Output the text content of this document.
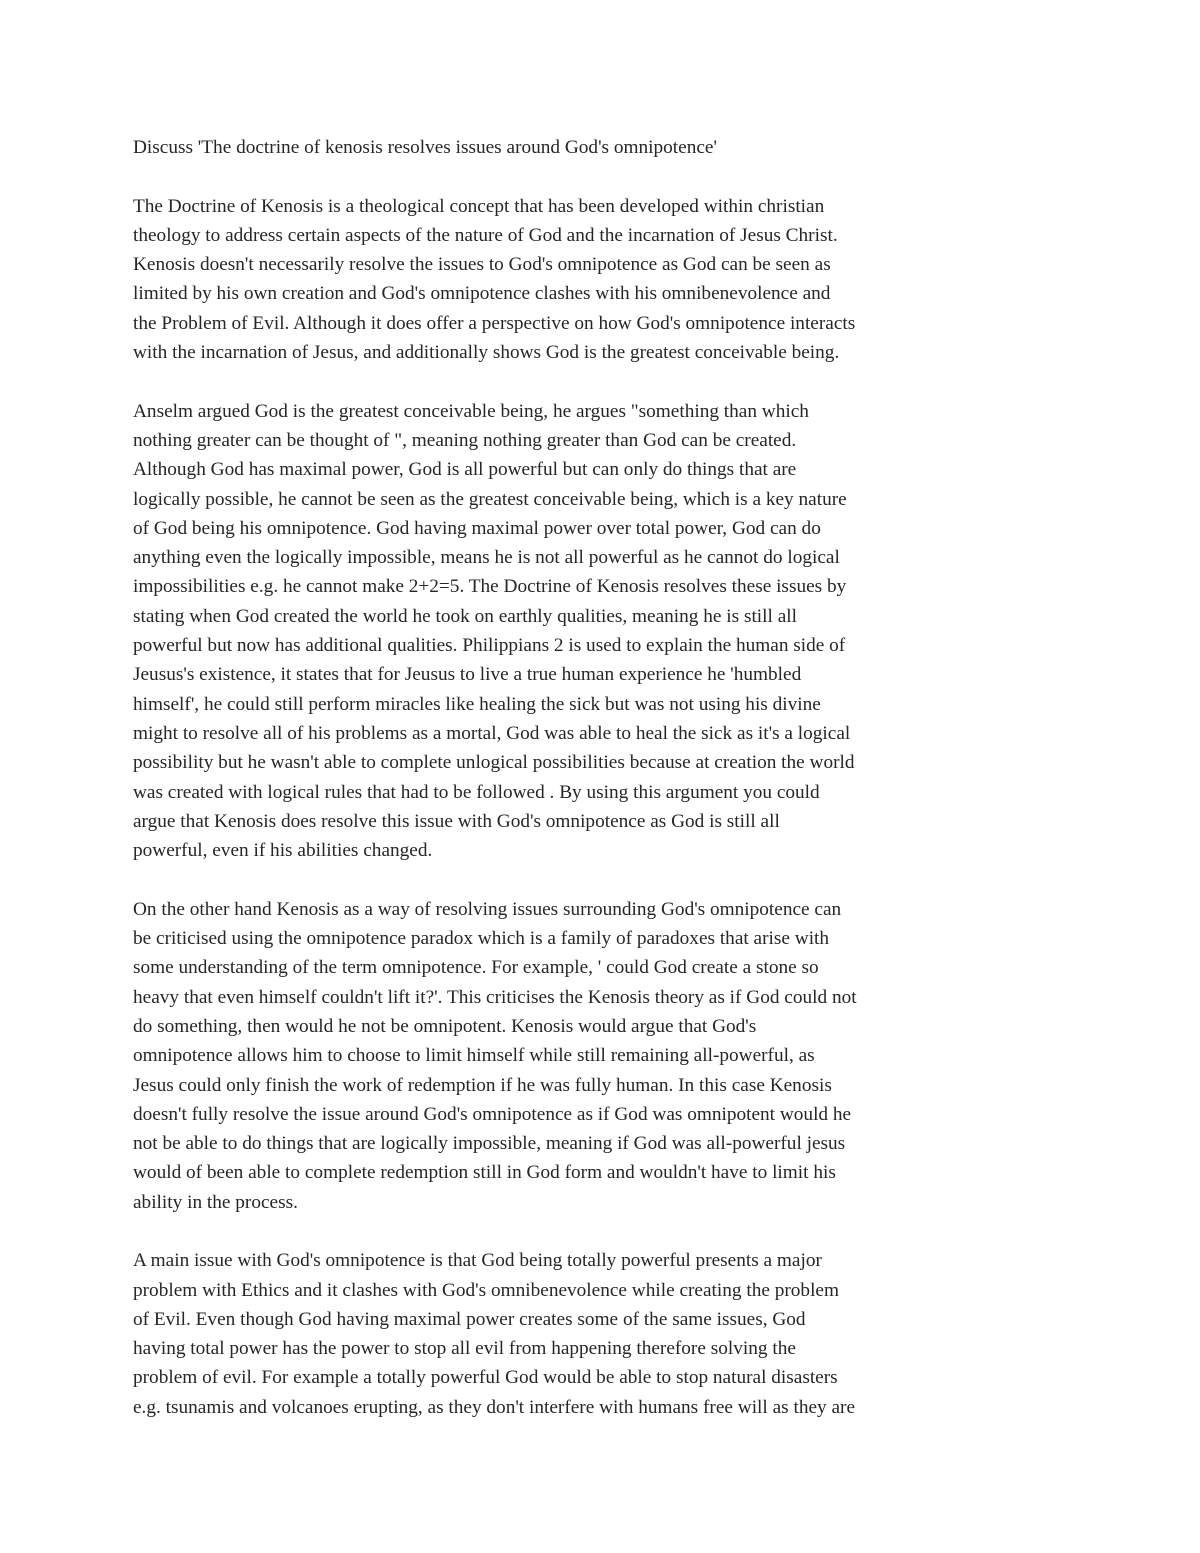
Discuss 'The doctrine of kenosis resolves issues around God's omnipotence'
The Doctrine of Kenosis is a theological concept that has been developed within christian
theology to address certain aspects of the nature of God and the incarnation of Jesus Christ.
Kenosis doesn't necessarily resolve the issues to God's omnipotence as God can be seen as
limited by his own creation and God's omnipotence clashes with his omnibenevolence and
the Problem of Evil. Although it does offer a perspective on how God's omnipotence interacts
with the incarnation of Jesus, and additionally shows God is the greatest conceivable being.
Anselm argued God is the greatest conceivable being, he argues "something than which
nothing greater can be thought of ", meaning nothing greater than God can be created.
Although God has maximal power, God is all powerful but can only do things that are
logically possible, he cannot be seen as the greatest conceivable being, which is a key nature
of God being his omnipotence. God having maximal power over total power, God can do
anything even the logically impossible, means he is not all powerful as he cannot do logical
impossibilities e.g. he cannot make 2+2=5. The Doctrine of Kenosis resolves these issues by
stating when God created the world he took on earthly qualities, meaning he is still all
powerful but now has additional qualities. Philippians 2 is used to explain the human side of
Jeusus's existence, it states that for Jeusus to live a true human experience he 'humbled
himself', he could still perform miracles like healing the sick but was not using his divine
might to resolve all of his problems as a mortal, God was able to heal the sick as it's a logical
possibility but he wasn't able to complete unlogical possibilities because at creation the world
was created with logical rules that had to be followed . By using this argument you could
argue that Kenosis does resolve this issue with God's omnipotence as God is still all
powerful, even if his abilities changed.
On the other hand Kenosis as a way of resolving issues surrounding God's omnipotence can
be criticised using the omnipotence paradox which is a family of paradoxes that arise with
some understanding of the term omnipotence. For example, ' could God create a stone so
heavy that even himself couldn't lift it?'. This criticises the Kenosis theory as if God could not
do something, then would he not be omnipotent. Kenosis would argue that God's
omnipotence allows him to choose to limit himself while still remaining all-powerful, as
Jesus could only finish the work of redemption if he was fully human. In this case Kenosis
doesn't fully resolve the issue around God's omnipotence as if God was omnipotent would he
not be able to do things that are logically impossible, meaning if God was all-powerful jesus
would of been able to complete redemption still in God form and wouldn't have to limit his
ability in the process.
A main issue with God's omnipotence is that God being totally powerful presents a major
problem with Ethics and it clashes with God's omnibenevolence while creating the problem
of Evil. Even though God having maximal power creates some of the same issues, God
having total power has the power to stop all evil from happening therefore solving the
problem of evil. For example a totally powerful God would be able to stop natural disasters
e.g. tsunamis and volcanoes erupting, as they don't interfere with humans free will as they are
